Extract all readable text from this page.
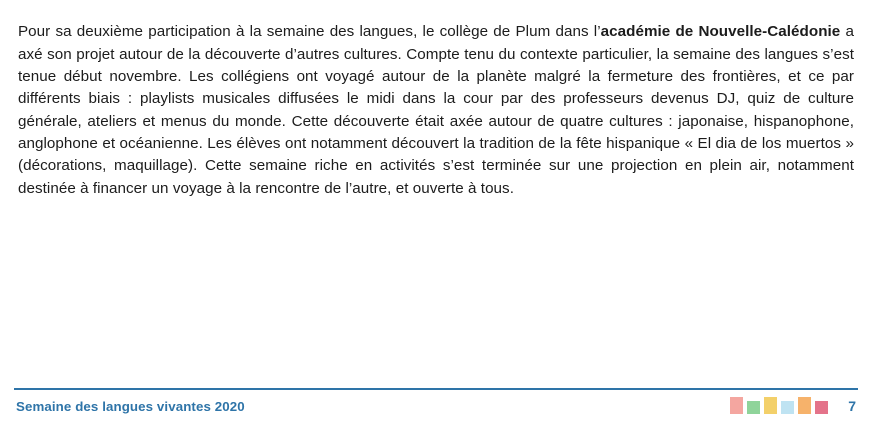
Pour sa deuxième participation à la semaine des langues, le collège de Plum dans l’académie de Nouvelle-Calédonie a axé son projet autour de la découverte d’autres cultures. Compte tenu du contexte particulier, la semaine des langues s’est tenue début novembre. Les collégiens ont voyagé autour de la planète malgré la fermeture des frontières, et ce par différents biais : playlists musicales diffusées le midi dans la cour par des professeurs devenus DJ, quiz de culture générale, ateliers et menus du monde. Cette découverte était axée autour de quatre cultures : japonaise, hispanophone, anglophone et océanienne. Les élèves ont notamment découvert la tradition de la fête hispanique « El dia de los muertos » (décorations, maquillage). Cette semaine riche en activités s’est terminée sur une projection en plein air, notamment destinée à financer un voyage à la rencontre de l’autre, et ouverte à tous.

Semaine des langues vivantes 2020	7
